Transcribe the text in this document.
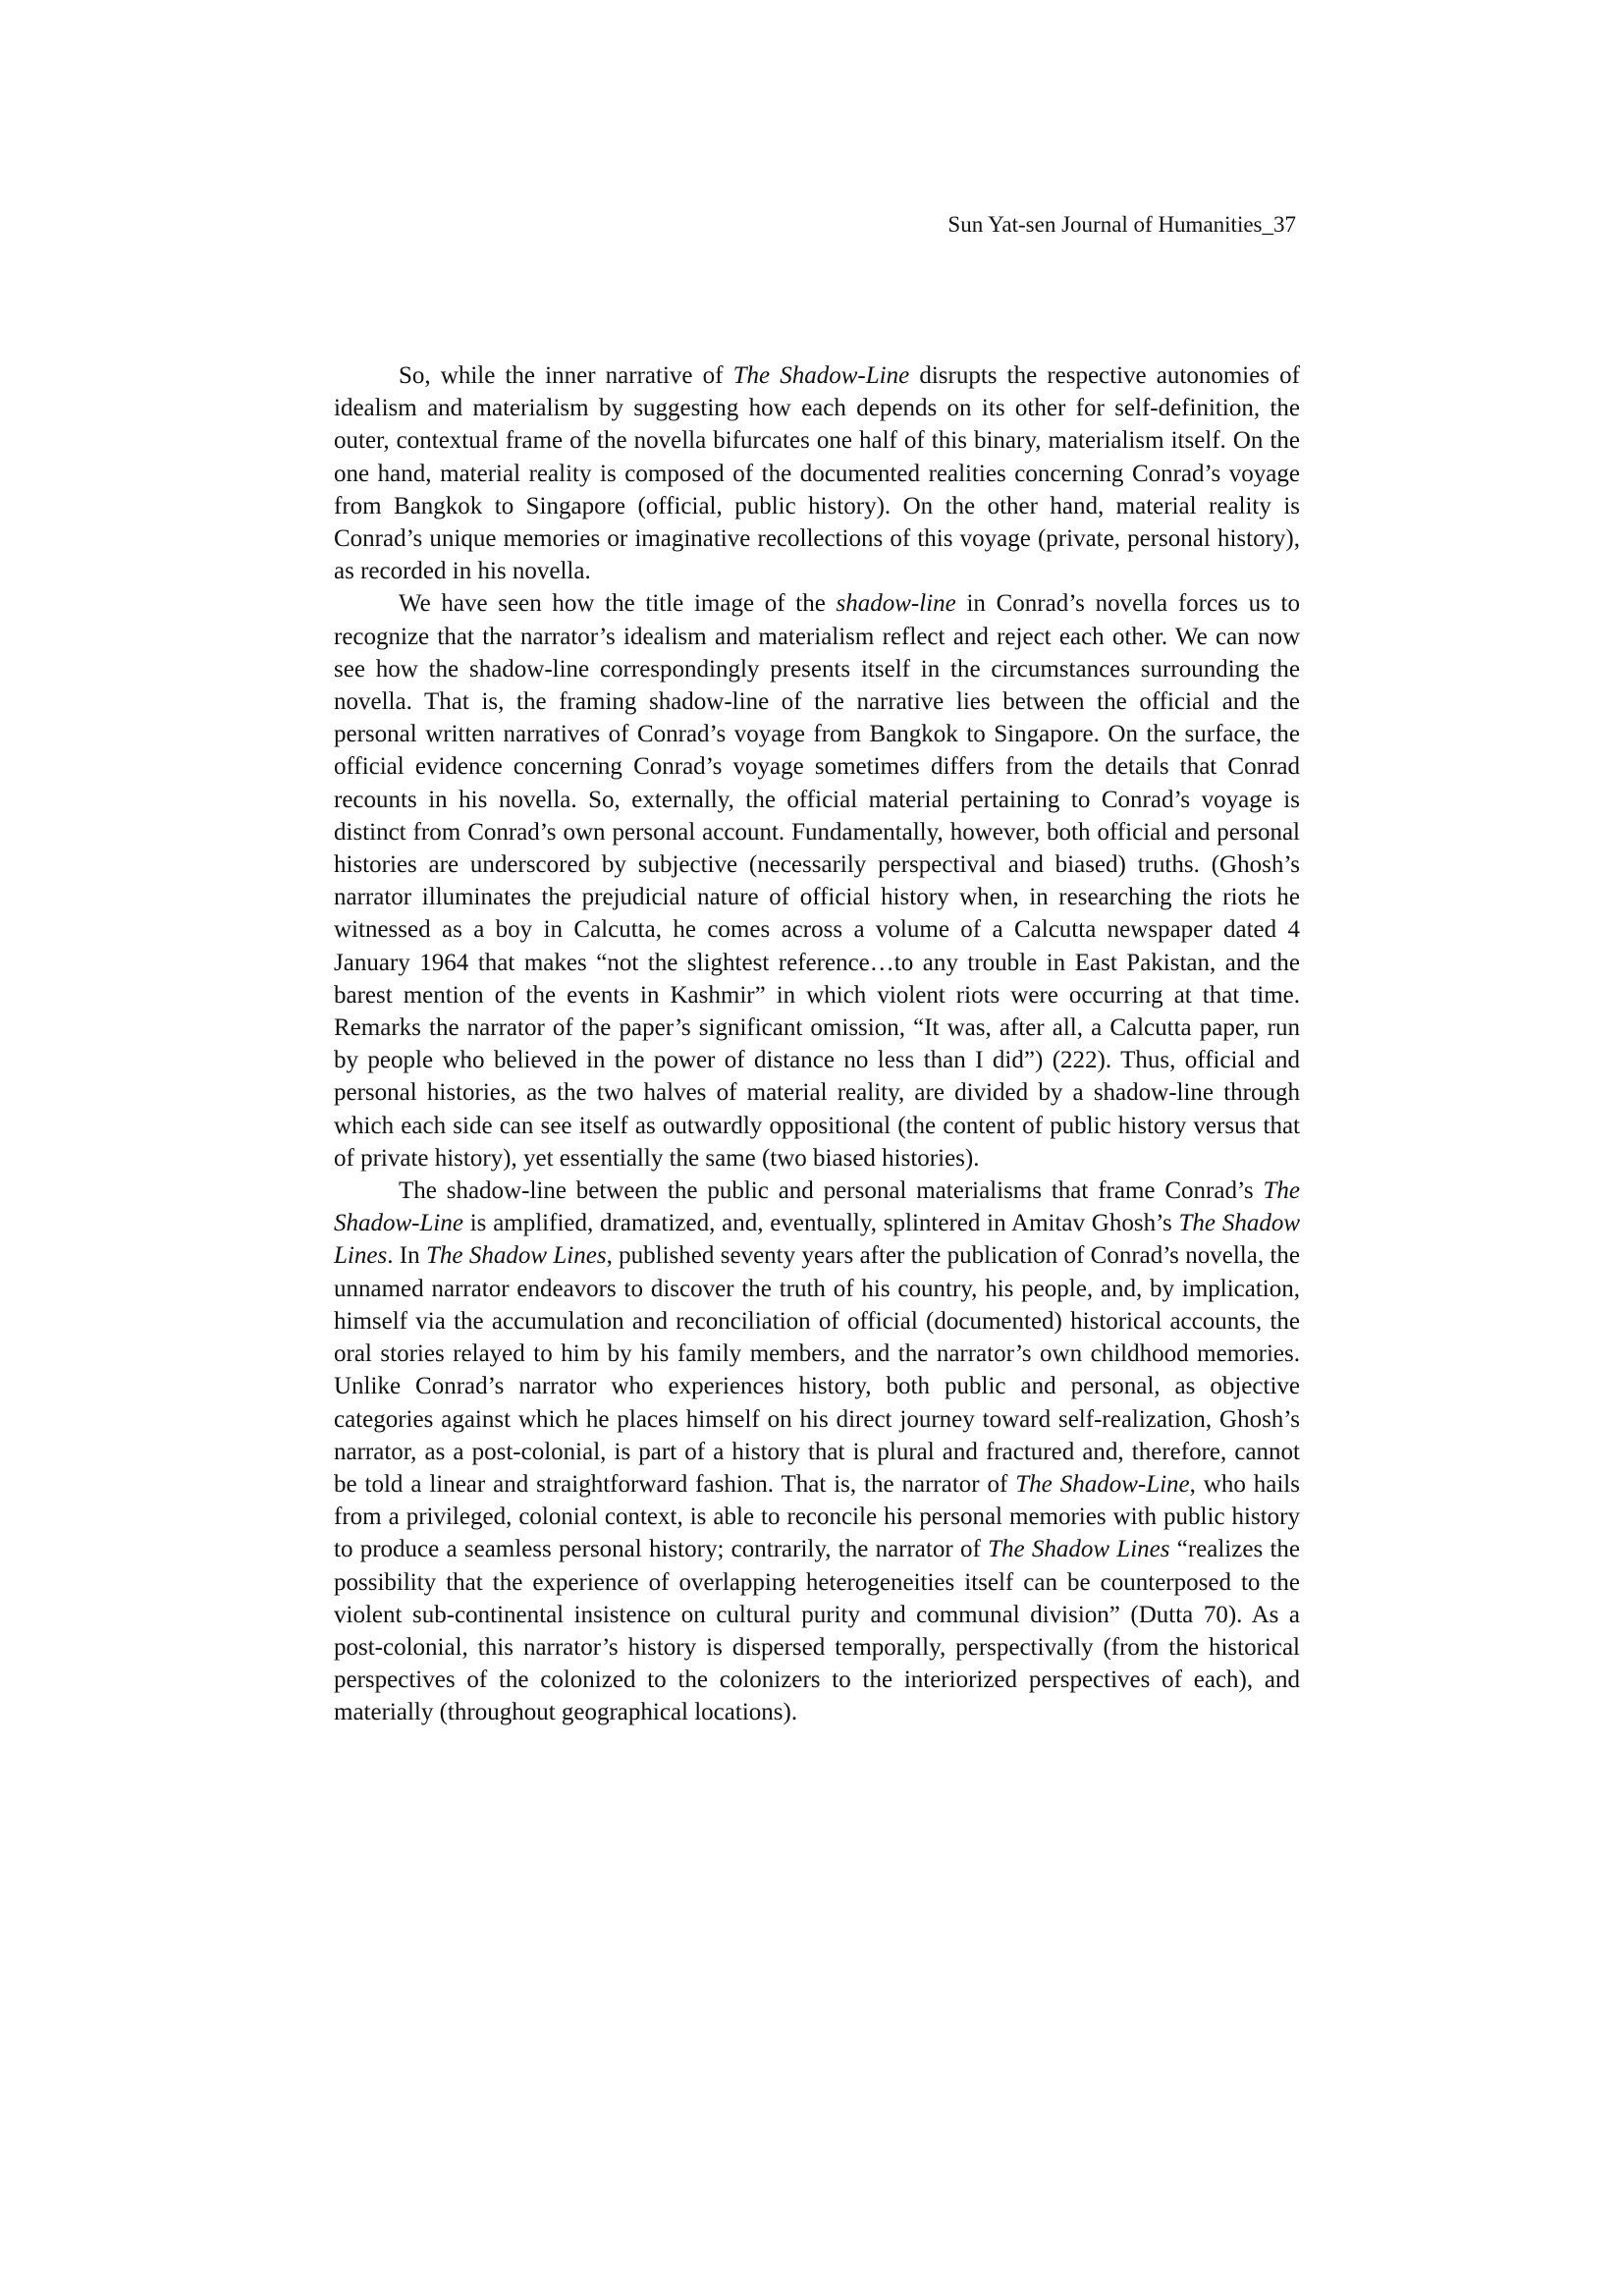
Sun Yat-sen Journal of Humanities_37

So, while the inner narrative of The Shadow-Line disrupts the respective autonomies of idealism and materialism by suggesting how each depends on its other for self-definition, the outer, contextual frame of the novella bifurcates one half of this binary, materialism itself. On the one hand, material reality is composed of the documented realities concerning Conrad’s voyage from Bangkok to Singapore (official, public history). On the other hand, material reality is Conrad’s unique memories or imaginative recollections of this voyage (private, personal history), as recorded in his novella.

We have seen how the title image of the shadow-line in Conrad’s novella forces us to recognize that the narrator’s idealism and materialism reflect and reject each other. We can now see how the shadow-line correspondingly presents itself in the circumstances surrounding the novella. That is, the framing shadow-line of the narrative lies between the official and the personal written narratives of Conrad’s voyage from Bangkok to Singapore. On the surface, the official evidence concerning Conrad’s voyage sometimes differs from the details that Conrad recounts in his novella. So, externally, the official material pertaining to Conrad’s voyage is distinct from Conrad’s own personal account. Fundamentally, however, both official and personal histories are underscored by subjective (necessarily perspectival and biased) truths. (Ghosh’s narrator illuminates the prejudicial nature of official history when, in researching the riots he witnessed as a boy in Calcutta, he comes across a volume of a Calcutta newspaper dated 4 January 1964 that makes “not the slightest reference…to any trouble in East Pakistan, and the barest mention of the events in Kashmir” in which violent riots were occurring at that time. Remarks the narrator of the paper’s significant omission, “It was, after all, a Calcutta paper, run by people who believed in the power of distance no less than I did”) (222). Thus, official and personal histories, as the two halves of material reality, are divided by a shadow-line through which each side can see itself as outwardly oppositional (the content of public history versus that of private history), yet essentially the same (two biased histories).

The shadow-line between the public and personal materialisms that frame Conrad’s The Shadow-Line is amplified, dramatized, and, eventually, splintered in Amitav Ghosh’s The Shadow Lines. In The Shadow Lines, published seventy years after the publication of Conrad’s novella, the unnamed narrator endeavors to discover the truth of his country, his people, and, by implication, himself via the accumulation and reconciliation of official (documented) historical accounts, the oral stories relayed to him by his family members, and the narrator’s own childhood memories. Unlike Conrad’s narrator who experiences history, both public and personal, as objective categories against which he places himself on his direct journey toward self-realization, Ghosh’s narrator, as a post-colonial, is part of a history that is plural and fractured and, therefore, cannot be told a linear and straightforward fashion. That is, the narrator of The Shadow-Line, who hails from a privileged, colonial context, is able to reconcile his personal memories with public history to produce a seamless personal history; contrarily, the narrator of The Shadow Lines “realizes the possibility that the experience of overlapping heterogeneities itself can be counterposed to the violent sub-continental insistence on cultural purity and communal division” (Dutta 70). As a post-colonial, this narrator’s history is dispersed temporally, perspectivally (from the historical perspectives of the colonized to the colonizers to the interiorized perspectives of each), and materially (throughout geographical locations).
